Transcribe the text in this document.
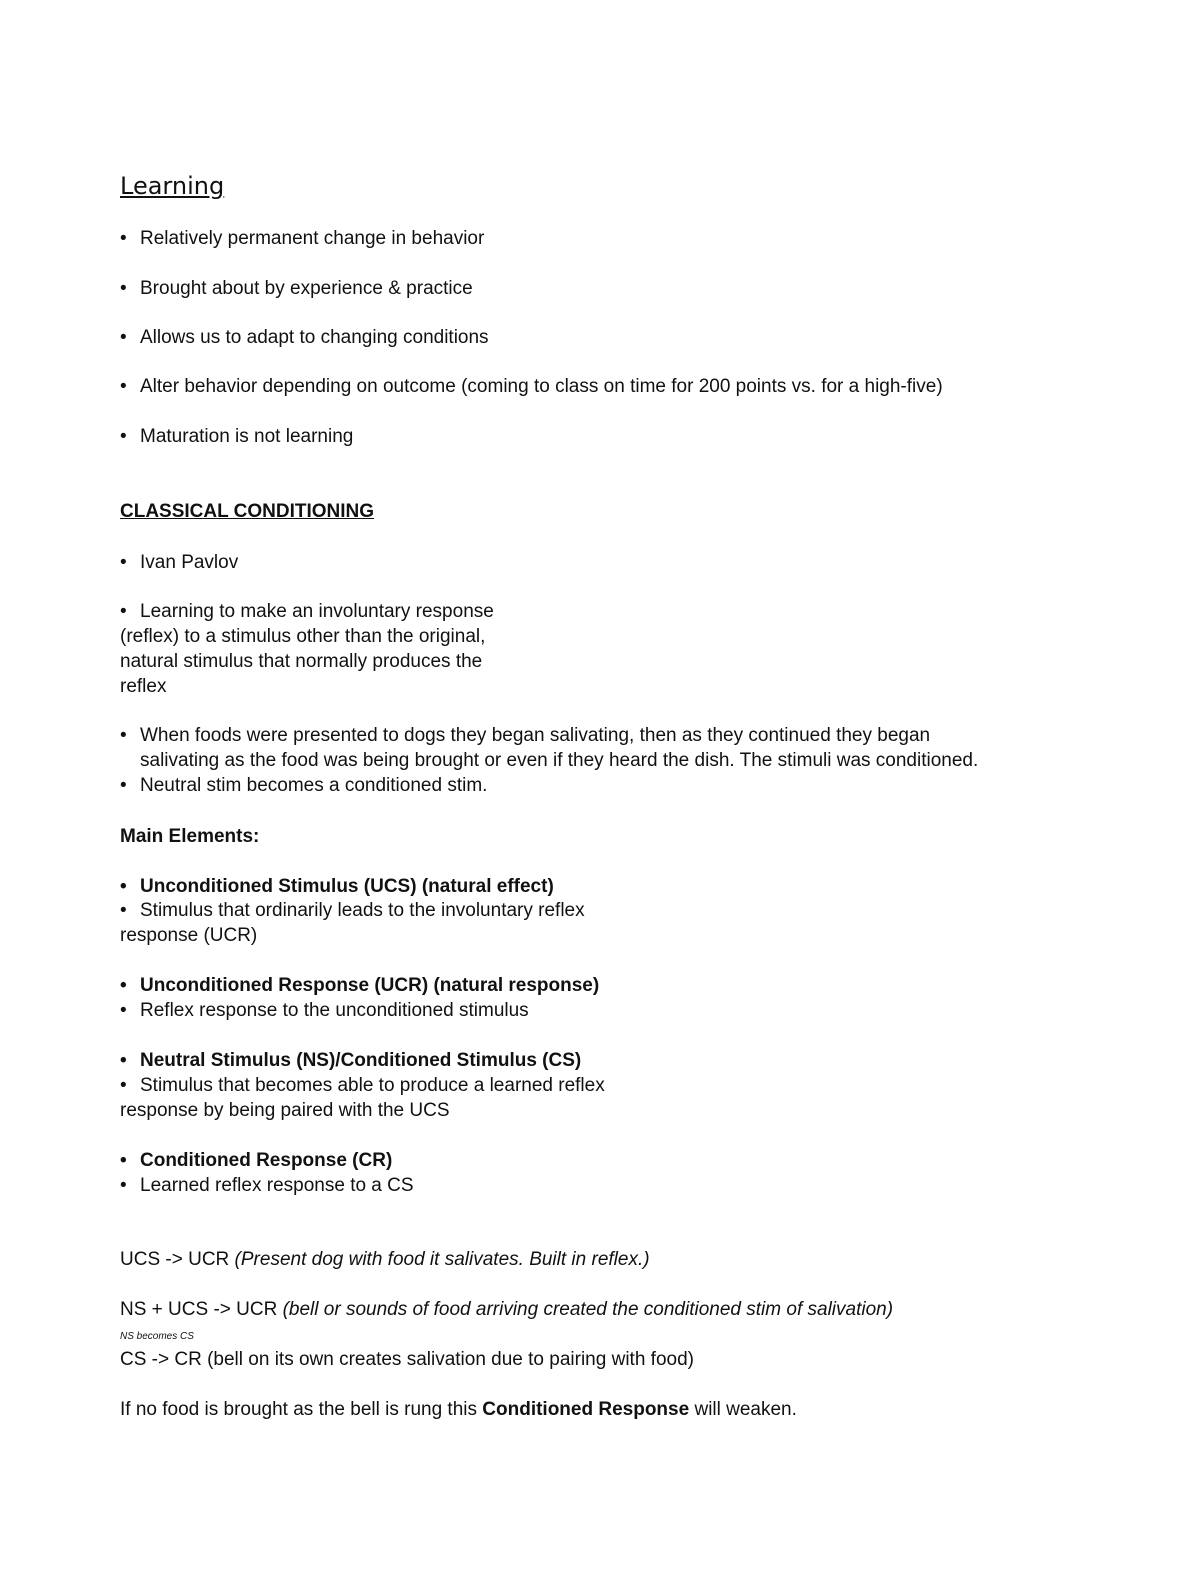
Learning
• Relatively permanent change in behavior
• Brought about by experience & practice
• Allows us to adapt to changing conditions
• Alter behavior depending on outcome (coming to class on time for 200 points vs. for a high-five)
• Maturation is not learning
CLASSICAL CONDITIONING
• Ivan Pavlov
• Learning to make an involuntary response
(reflex) to a stimulus other than the original,
natural stimulus that normally produces the
reflex
• When foods were presented to dogs they began salivating, then as they continued they began
salivating as the food was being brought or even if they heard the dish. The stimuli was conditioned.
• Neutral stim becomes a conditioned stim.
Main Elements:
• Unconditioned Stimulus (UCS) (natural effect)
• Stimulus that ordinarily leads to the involuntary reflex
response (UCR)
• Unconditioned Response (UCR) (natural response)
• Reflex response to the unconditioned stimulus
• Neutral Stimulus (NS)/Conditioned Stimulus (CS)
• Stimulus that becomes able to produce a learned reflex
response by being paired with the UCS
• Conditioned Response (CR)
• Learned reflex response to a CS
UCS -> UCR (Present dog with food it salivates. Built in reflex.)
NS + UCS -> UCR (bell or sounds of food arriving created the conditioned stim of salivation)
NS becomes CS
CS -> CR (bell on its own creates salivation due to pairing with food)
If no food is brought as the bell is rung this Conditioned Response will weaken.
